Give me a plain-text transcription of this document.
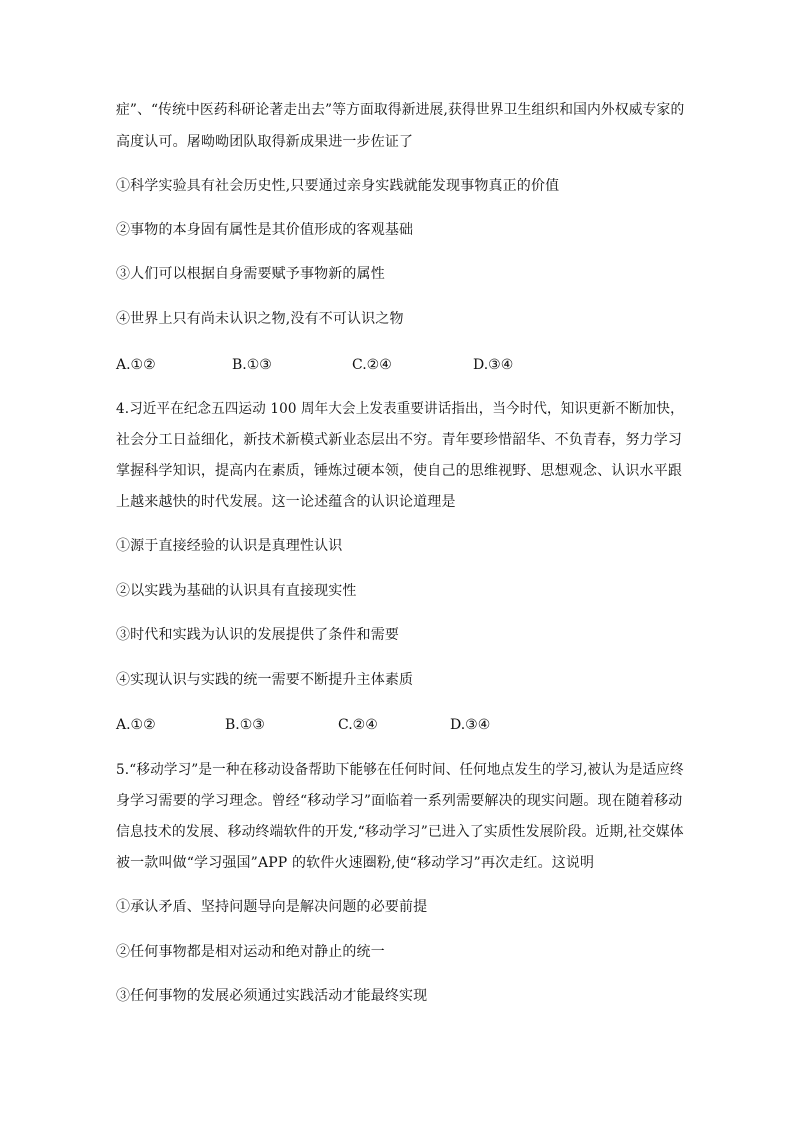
症”、“传统中医药科研论著走出去”等方面取得新进展,获得世界卫生组织和国内外权威专家的
高度认可。屠呦呦团队取得新成果进一步佐证了
①科学实验具有社会历史性,只要通过亲身实践就能发现事物真正的价值
②事物的本身固有属性是其价值形成的客观基础
③人们可以根据自身需要赋予事物新的属性
④世界上只有尚未认识之物,没有不可认识之物
A.①②	B.①③	C.②④	D.③④
4.习近平在纪念五四运动 100 周年大会上发表重要讲话指出，当今时代，知识更新不断加快，
社会分工日益细化，新技术新模式新业态层出不穷。青年要珍惜韶华、不负青春，努力学习
掌握科学知识，提高内在素质，锤炼过硬本领，使自己的思维视野、思想观念、认识水平跟
上越来越快的时代发展。这一论述蕴含的认识论道理是
①源于直接经验的认识是真理性认识
②以实践为基础的认识具有直接现实性
③时代和实践为认识的发展提供了条件和需要
④实现认识与实践的统一需要不断提升主体素质
A.①②	B.①③	C.②④	D.③④
5.“移动学习”是一种在移动设备帮助下能够在任何时间、任何地点发生的学习,被认为是适应终
身学习需要的学习理念。曾经“移动学习”面临着一系列需要解决的现实问题。现在随着移动
信息技术的发展、移动终端软件的开发,“移动学习”已进入了实质性发展阶段。近期,社交媒体
被一款叫做“学习强国”APP 的软件火速圈粉,使“移动学习”再次走红。这说明
①承认矛盾、坚持问题导向是解决问题的必要前提
②任何事物都是相对运动和绝对静止的统一
③任何事物的发展必须通过实践活动才能最终实现
